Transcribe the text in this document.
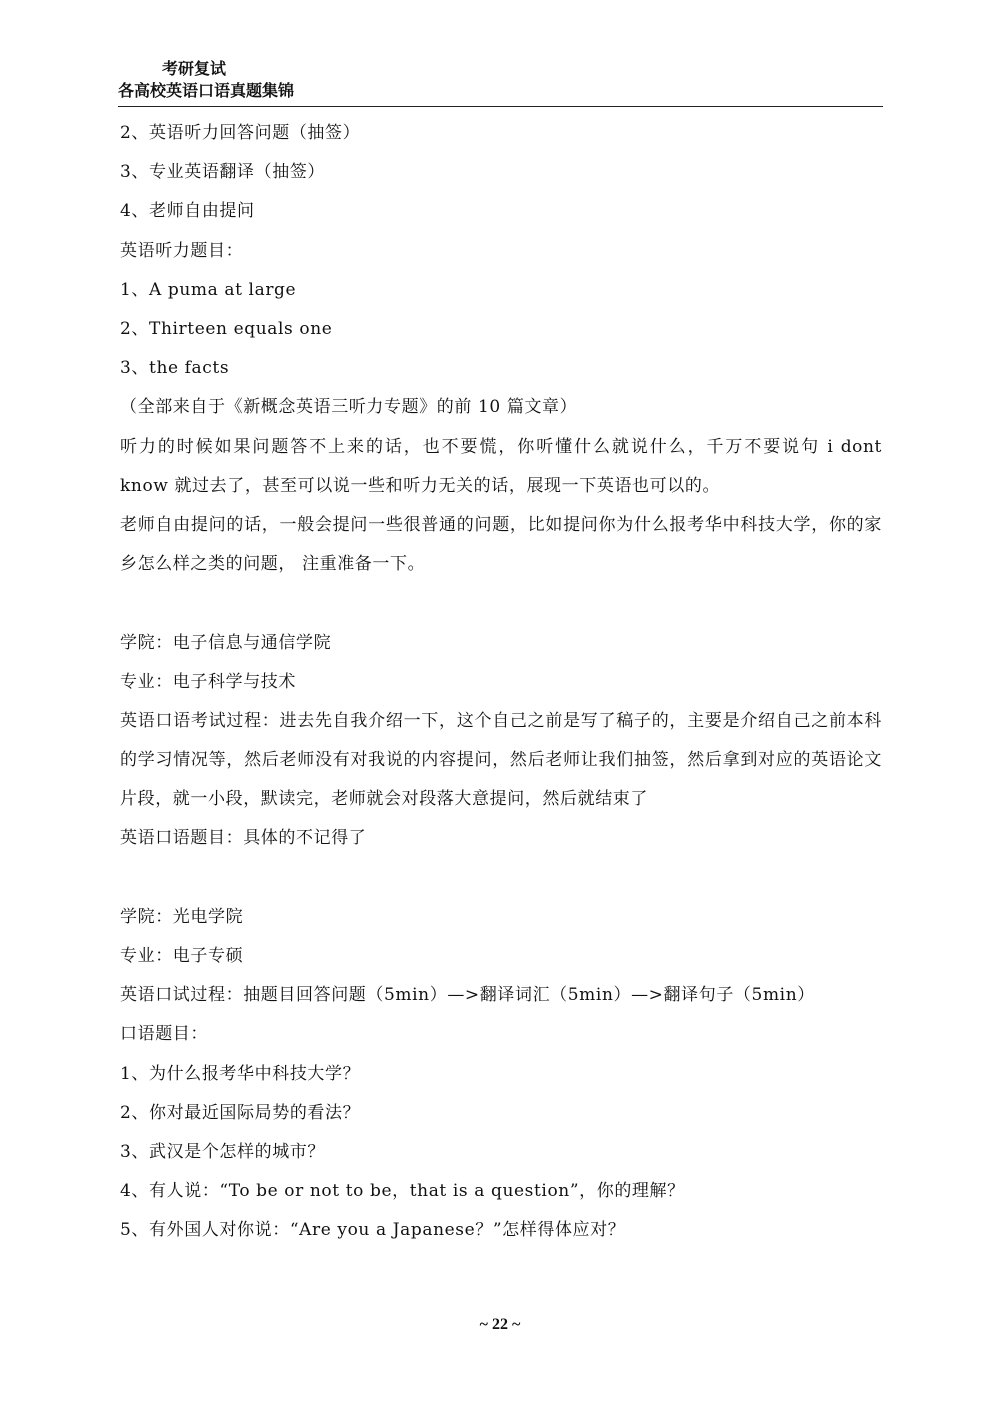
考研复试
各高校英语口语真题集锦
2、英语听力回答问题（抽签）
3、专业英语翻译（抽签）
4、老师自由提问
英语听力题目：
1、A puma at large
2、Thirteen equals one
3、the facts
（全部来自于《新概念英语三听力专题》的前 10 篇文章）
听力的时候如果问题答不上来的话，也不要慌，你听懂什么就说什么，千万不要说句 i dont know 就过去了，甚至可以说一些和听力无关的话，展现一下英语也可以的。
老师自由提问的话，一般会提问一些很普通的问题，比如提问你为什么报考华中科技大学，你的家乡怎么样之类的问题， 注重准备一下。
学院：电子信息与通信学院
专业：电子科学与技术
英语口语考试过程：进去先自我介绍一下，这个自己之前是写了稿子的，主要是介绍自己之前本科的学习情况等，然后老师没有对我说的内容提问，然后老师让我们抽签，然后拿到对应的英语论文片段，就一小段，默读完，老师就会对段落大意提问，然后就结束了
英语口语题目：具体的不记得了
学院：光电学院
专业：电子专硕
英语口试过程：抽题目回答问题（5min）—>翻译词汇（5min）—>翻译句子（5min）
口语题目：
1、为什么报考华中科技大学？
2、你对最近国际局势的看法？
3、武汉是个怎样的城市？
4、有人说：“To be or not to be，that is a question”，你的理解？
5、有外国人对你说：“Are you a Japanese？”怎样得体应对？
~ 22 ~
